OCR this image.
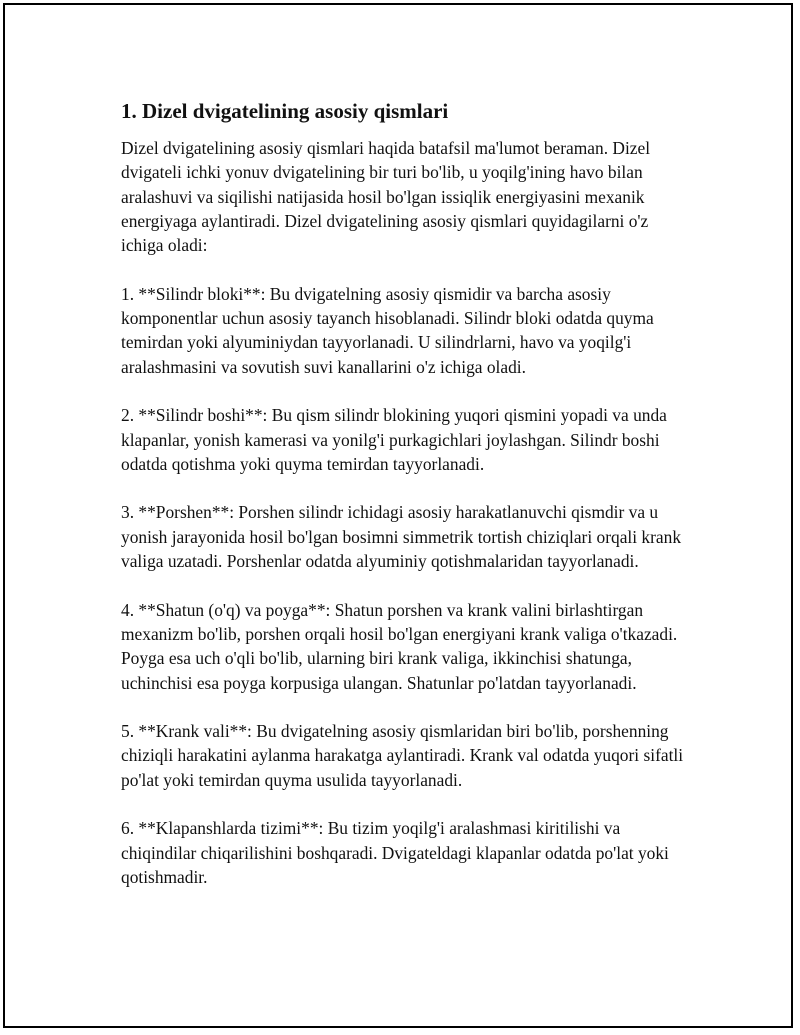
1. Dizel dvigatelining asosiy qismlari

Dizel dvigatelining asosiy qismlari haqida batafsil ma'lumot beraman. Dizel dvigateli ichki yonuv dvigatelining bir turi bo'lib, u yoqilg'ining havo bilan aralashuvi va siqilishi natijasida hosil bo'lgan issiqlik energiyasini mexanik energiyaga aylantiradi. Dizel dvigatelining asosiy qismlari quyidagilarni o'z ichiga oladi:

1. **Silindr bloki**: Bu dvigatelning asosiy qismidir va barcha asosiy komponentlar uchun asosiy tayanch hisoblanadi. Silindr bloki odatda quyma temirdan yoki alyuminiydan tayyorlanadi. U silindrlarni, havo va yoqilg'i aralashmasini va sovutish suvi kanallarini o'z ichiga oladi.

2. **Silindr boshi**: Bu qism silindr blokining yuqori qismini yopadi va unda klapanlar, yonish kamerasi va yonilg'i purkagichlari joylashgan. Silindr boshi odatda qotishma yoki quyma temirdan tayyorlanadi.

3. **Porshen**: Porshen silindr ichidagi asosiy harakatlanuvchi qismdir va u yonish jarayonida hosil bo'lgan bosimni simmetrik tortish chiziqlari orqali krank valiga uzatadi. Porshenlar odatda alyuminiy qotishmalaridan tayyorlanadi.

4. **Shatun (o'q) va poyga**: Shatun porshen va krank valini birlashtirgan mexanizm bo'lib, porshen orqali hosil bo'lgan energiyani krank valiga o'tkazadi. Poyga esa uch o'qli bo'lib, ularning biri krank valiga, ikkinchisi shatunga, uchinchisi esa poyga korpusiga ulangan. Shatunlar po'latdan tayyorlanadi.

5. **Krank vali**: Bu dvigatelning asosiy qismlaridan biri bo'lib, porshenning chiziqli harakatini aylanma harakatga aylantiradi. Krank val odatda yuqori sifatli po'lat yoki temirdan quyma usulida tayyorlanadi.

6. **Klapanshlarda tizimi**: Bu tizim yoqilg'i aralashmasi kiritilishi va chiqindilar chiqarilishini boshqaradi. Dvigateldagi klapanlar odatda po'lat yoki qotishmadir.
